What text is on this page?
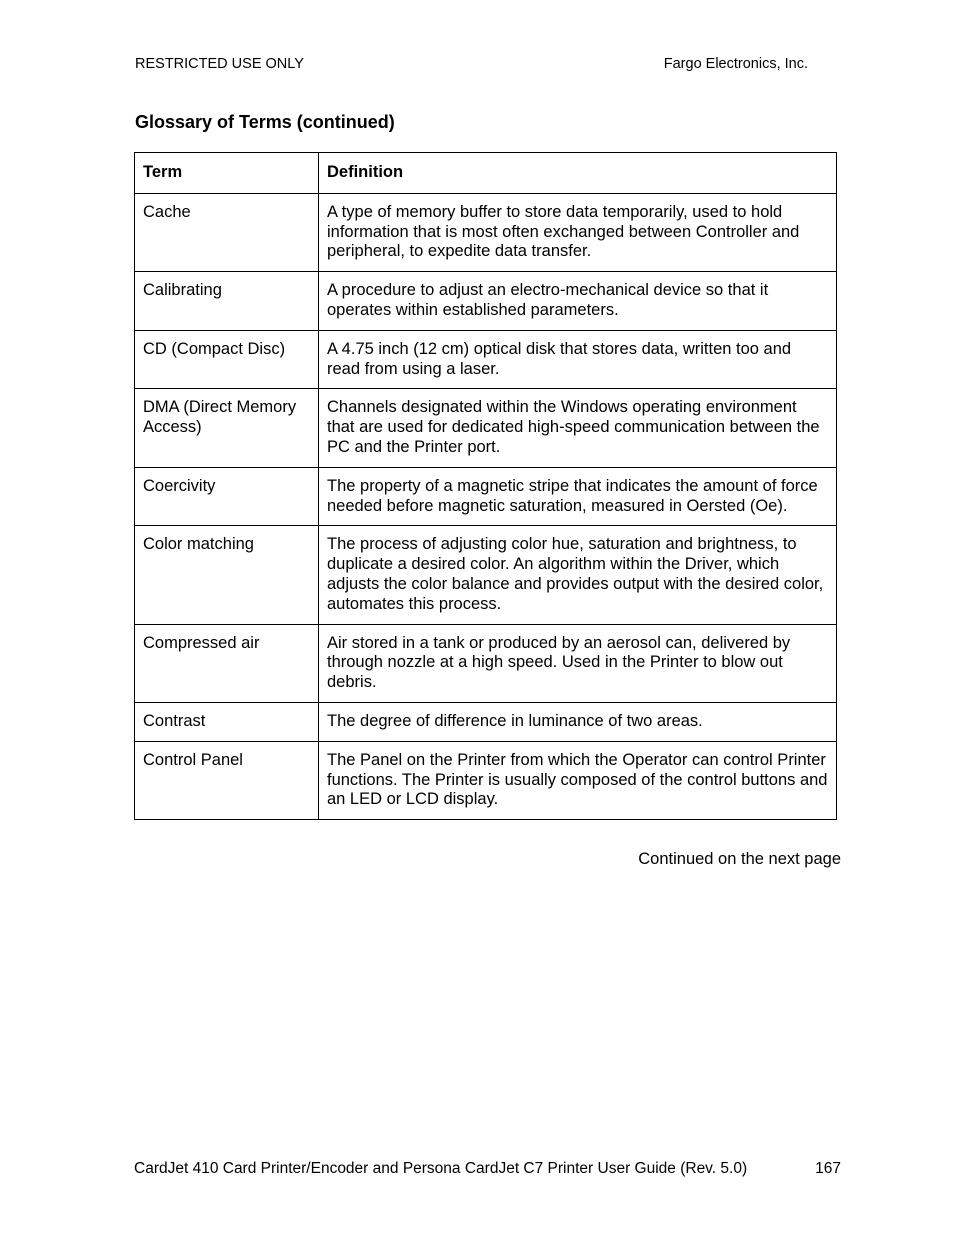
RESTRICTED USE ONLY	Fargo Electronics, Inc.
Glossary of Terms (continued)
Term	Definition
Cache	A type of memory buffer to store data temporarily, used to hold information that is most often exchanged between Controller and peripheral, to expedite data transfer.
Calibrating	A procedure to adjust an electro-mechanical device so that it operates within established parameters.
CD (Compact Disc)	A 4.75 inch (12 cm) optical disk that stores data, written too and read from using a laser.
DMA (Direct Memory Access)	Channels designated within the Windows operating environment that are used for dedicated high-speed communication between the PC and the Printer port.
Coercivity	The property of a magnetic stripe that indicates the amount of force needed before magnetic saturation, measured in Oersted (Oe).
Color matching	The process of adjusting color hue, saturation and brightness, to duplicate a desired color. An algorithm within the Driver, which adjusts the color balance and provides output with the desired color, automates this process.
Compressed air	Air stored in a tank or produced by an aerosol can, delivered by through nozzle at a high speed. Used in the Printer to blow out debris.
Contrast	The degree of difference in luminance of two areas.
Control Panel	The Panel on the Printer from which the Operator can control Printer functions. The Printer is usually composed of the control buttons and an LED or LCD display.
Continued on the next page
CardJet 410 Card Printer/Encoder and Persona CardJet C7 Printer User Guide (Rev. 5.0)	167
